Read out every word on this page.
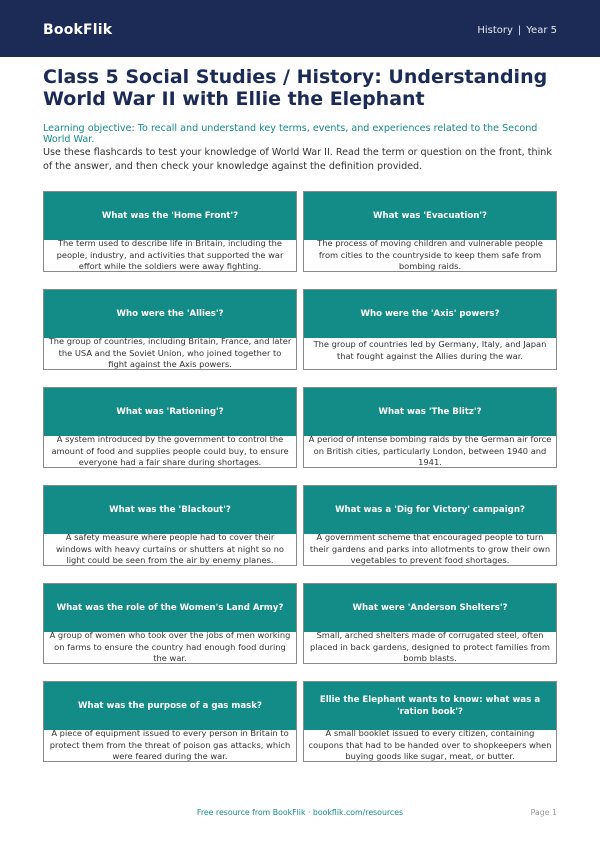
BookFlik	History | Year 5
Class 5 Social Studies / History: Understanding World War II with Ellie the Elephant
Learning objective: To recall and understand key terms, events, and experiences related to the Second World War.
Use these flashcards to test your knowledge of World War II. Read the term or question on the front, think of the answer, and then check your knowledge against the definition provided.
What was the 'Home Front'?
The term used to describe life in Britain, including the people, industry, and activities that supported the war effort while the soldiers were away fighting.
What was 'Evacuation'?
The process of moving children and vulnerable people from cities to the countryside to keep them safe from bombing raids.
Who were the 'Allies'?
The group of countries, including Britain, France, and later the USA and the Soviet Union, who joined together to fight against the Axis powers.
Who were the 'Axis' powers?
The group of countries led by Germany, Italy, and Japan that fought against the Allies during the war.
What was 'Rationing'?
A system introduced by the government to control the amount of food and supplies people could buy, to ensure everyone had a fair share during shortages.
What was 'The Blitz'?
A period of intense bombing raids by the German air force on British cities, particularly London, between 1940 and 1941.
What was the 'Blackout'?
A safety measure where people had to cover their windows with heavy curtains or shutters at night so no light could be seen from the air by enemy planes.
What was a 'Dig for Victory' campaign?
A government scheme that encouraged people to turn their gardens and parks into allotments to grow their own vegetables to prevent food shortages.
What was the role of the Women's Land Army?
A group of women who took over the jobs of men working on farms to ensure the country had enough food during the war.
What were 'Anderson Shelters'?
Small, arched shelters made of corrugated steel, often placed in back gardens, designed to protect families from bomb blasts.
What was the purpose of a gas mask?
A piece of equipment issued to every person in Britain to protect them from the threat of poison gas attacks, which were feared during the war.
Ellie the Elephant wants to know: what was a 'ration book'?
A small booklet issued to every citizen, containing coupons that had to be handed over to shopkeepers when buying goods like sugar, meat, or butter.
Free resource from BookFlik · bookflik.com/resources	Page 1
